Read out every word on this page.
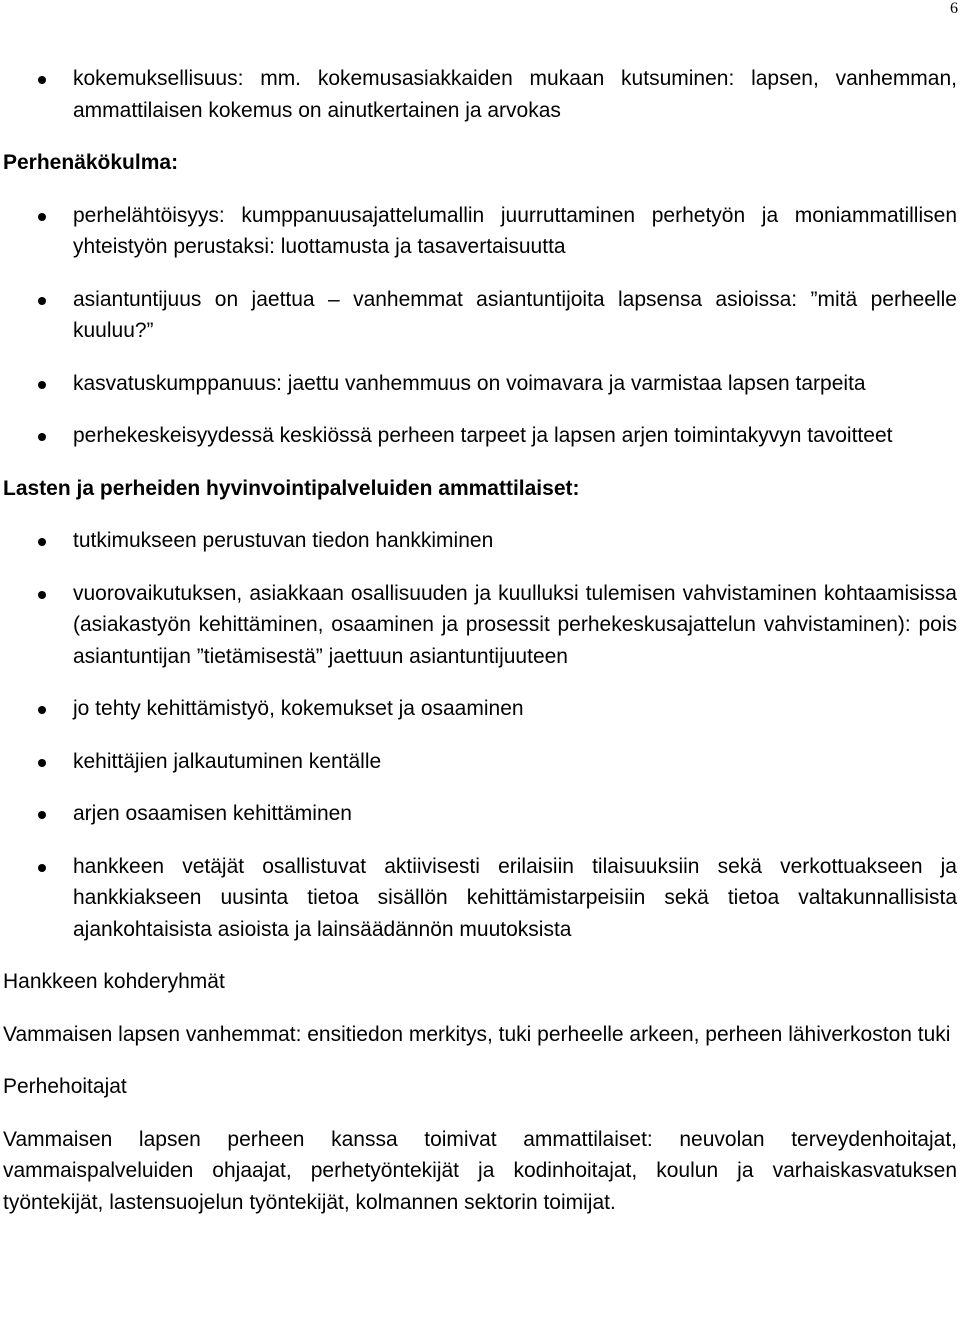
6
kokemuksellisuus: mm. kokemusasiakkaiden mukaan kutsuminen: lapsen, vanhemman, ammattilaisen kokemus on ainutkertainen ja arvokas
Perhenäkökulma:
perhelähtöisyys: kumppanuusajattelumallin juurruttaminen perhetyön ja moniammatillisen yhteistyön perustaksi: luottamusta ja tasavertaisuutta
asiantuntijuus on jaettua – vanhemmat asiantuntijoita lapsensa asioissa: ”mitä perheelle kuuluu?”
kasvatuskumppanuus: jaettu vanhemmuus on voimavara ja varmistaa lapsen tarpeita
perhekeskeisyydessä keskiössä perheen tarpeet ja lapsen arjen toimintakyvyn tavoitteet
Lasten ja perheiden hyvinvointipalveluiden ammattilaiset:
tutkimukseen perustuvan tiedon hankkiminen
vuorovaikutuksen, asiakkaan osallisuuden ja kuulluksi tulemisen vahvistaminen kohtaamisissa (asiakastyön kehittäminen, osaaminen ja prosessit perhekeskusajattelun vahvistaminen): pois asiantuntijan ”tietämisestä” jaettuun asiantuntijuuteen
jo tehty kehittämistyö, kokemukset ja osaaminen
kehittäjien jalkautuminen kentälle
arjen osaamisen kehittäminen
hankkeen vetäjät osallistuvat aktiivisesti erilaisiin tilaisuuksiin sekä verkottuakseen ja hankkiakseen uusinta tietoa sisällön kehittämistarpeisiin sekä tietoa valtakunnallisista ajankohtaisista asioista ja lainsäädännön muutoksista
Hankkeen kohderyhmät

Vammaisen lapsen vanhemmat: ensitiedon merkitys, tuki perheelle arkeen, perheen lähiverkoston tuki

Perhehoitajat

Vammaisen lapsen perheen kanssa toimivat ammattilaiset: neuvolan terveydenhoitajat, vammaispalveluiden ohjaajat, perhetyöntekijät ja kodinhoitajat, koulun ja varhaiskasvatuksen työntekijät, lastensuojelun työntekijät, kolmannen sektorin toimijat.
